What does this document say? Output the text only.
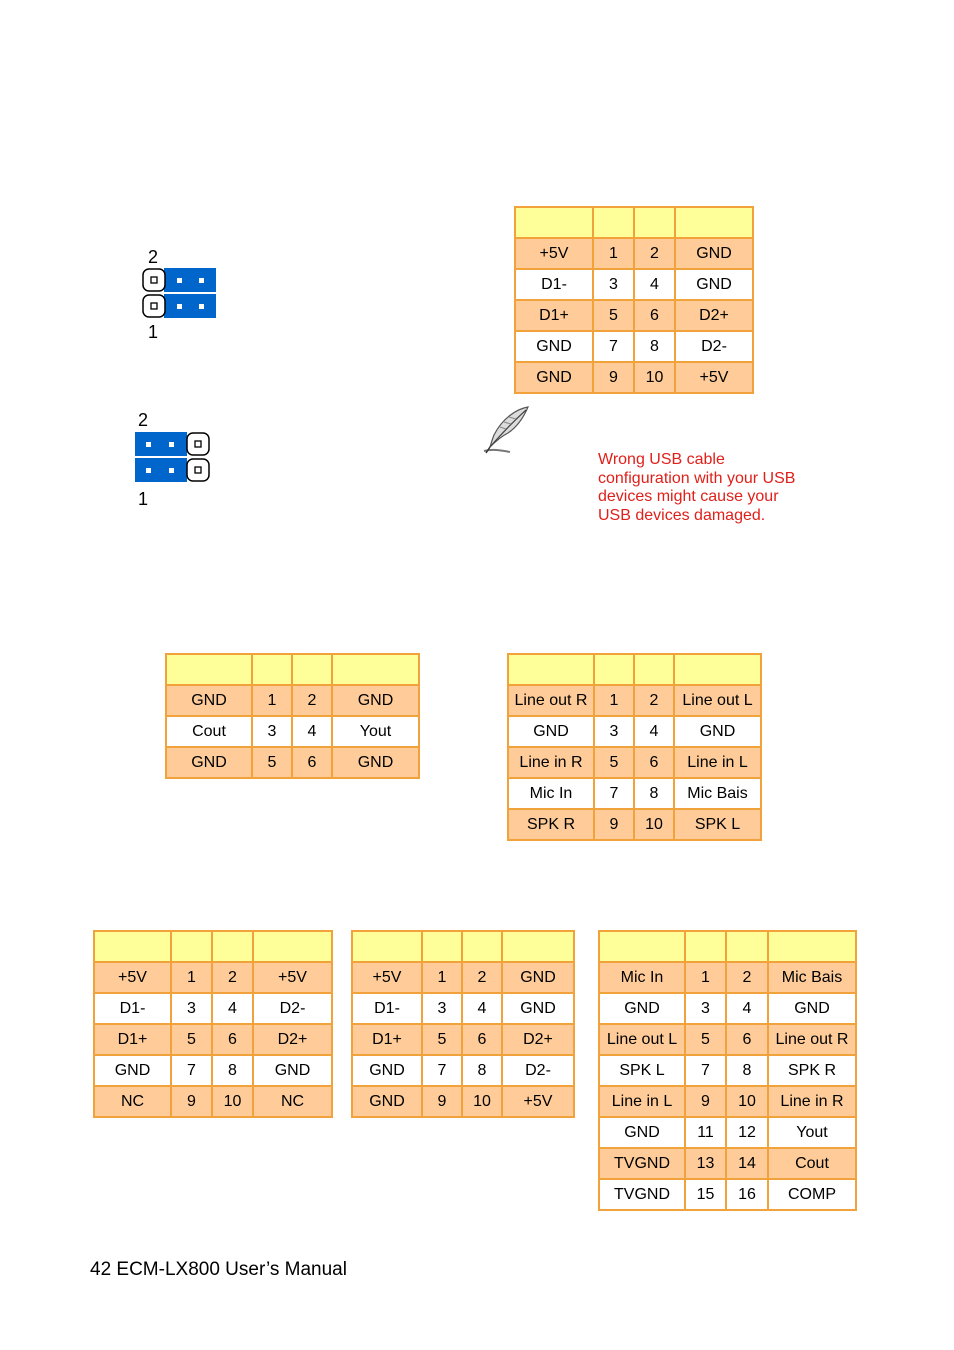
2
1
2
1
Wrong USB cable configuration with your USB devices might cause your USB devices damaged.

+5V	1	2	GND
D1-	3	4	GND
D1+	5	6	D2+
GND	7	8	D2-
GND	9	10	+5V

GND	1	2	GND
Cout	3	4	Yout
GND	5	6	GND

Line out R	1	2	Line out L
GND	3	4	GND
Line in R	5	6	Line in L
Mic In	7	8	Mic Bais
SPK R	9	10	SPK L

+5V	1	2	+5V
D1-	3	4	D2-
D1+	5	6	D2+
GND	7	8	GND
NC	9	10	NC

+5V	1	2	GND
D1-	3	4	GND
D1+	5	6	D2+
GND	7	8	D2-
GND	9	10	+5V

Mic In	1	2	Mic Bais
GND	3	4	GND
Line out L	5	6	Line out R
SPK L	7	8	SPK R
Line in L	9	10	Line in R
GND	11	12	Yout
TVGND	13	14	Cout
TVGND	15	16	COMP
42 ECM-LX800 User’s Manual
